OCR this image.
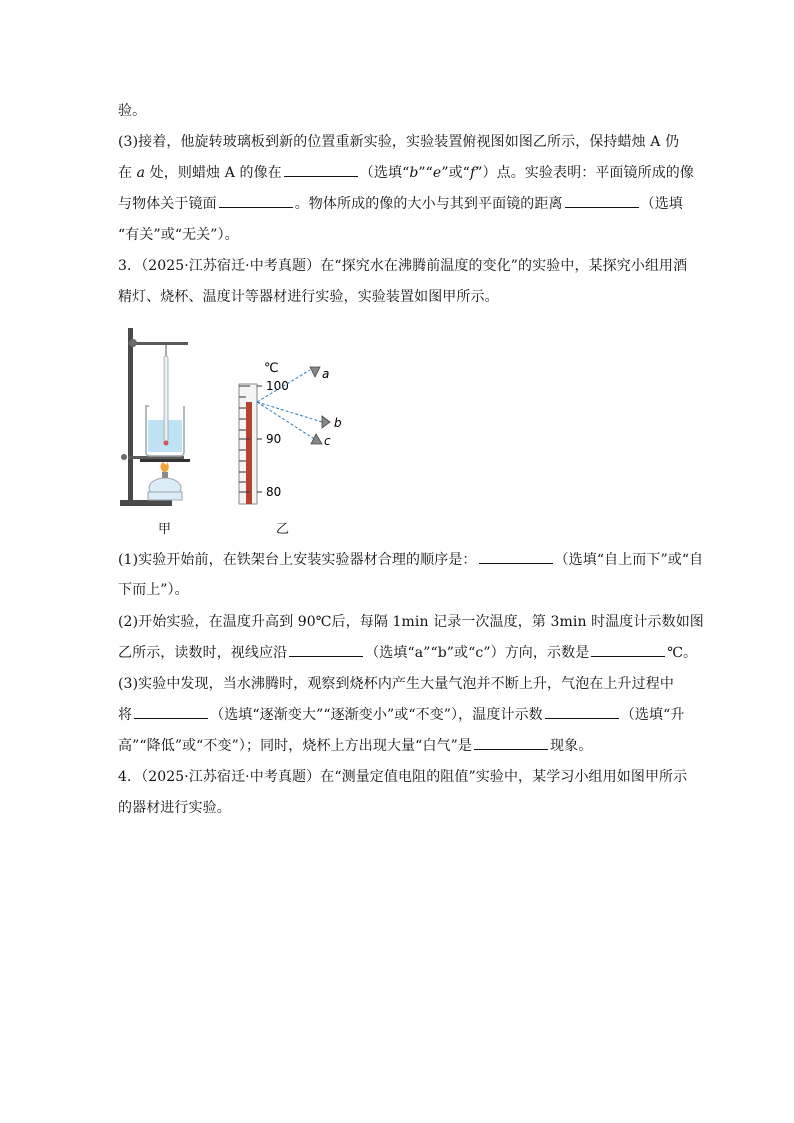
验。
(3)接着，他旋转玻璃板到新的位置重新实验，实验装置俯视图如图乙所示，保持蜡烛 A 仍
在 a 处，则蜡烛 A 的像在	（选填“b”“e”或“f”）点。实验表明：平面镜所成的像
与物体关于镜面	。物体所成的像的大小与其到平面镜的距离	（选填
“有关”或“无关”）。
3．（2025·江苏宿迁·中考真题）在“探究水在沸腾前温度的变化”的实验中，某探究小组用酒
精灯、烧杯、温度计等器材进行实验，实验装置如图甲所示。
℃
100
90
80
a
b
c
甲	乙
(1)实验开始前，在铁架台上安装实验器材合理的顺序是：	（选填“自上而下”或“自
下而上”）。
(2)开始实验，在温度升高到 90℃后，每隔 1min 记录一次温度，第 3min 时温度计示数如图
乙所示，读数时，视线应沿	（选填“a”“b”或“c”）方向，示数是	℃。
(3)实验中发现，当水沸腾时，观察到烧杯内产生大量气泡并不断上升，气泡在上升过程中
将	（选填“逐渐变大”“逐渐变小”或“不变”），温度计示数	（选填“升
高”“降低”或“不变”）；同时，烧杯上方出现大量“白气”是	现象。
4．（2025·江苏宿迁·中考真题）在“测量定值电阻的阻值”实验中，某学习小组用如图甲所示
的器材进行实验。
